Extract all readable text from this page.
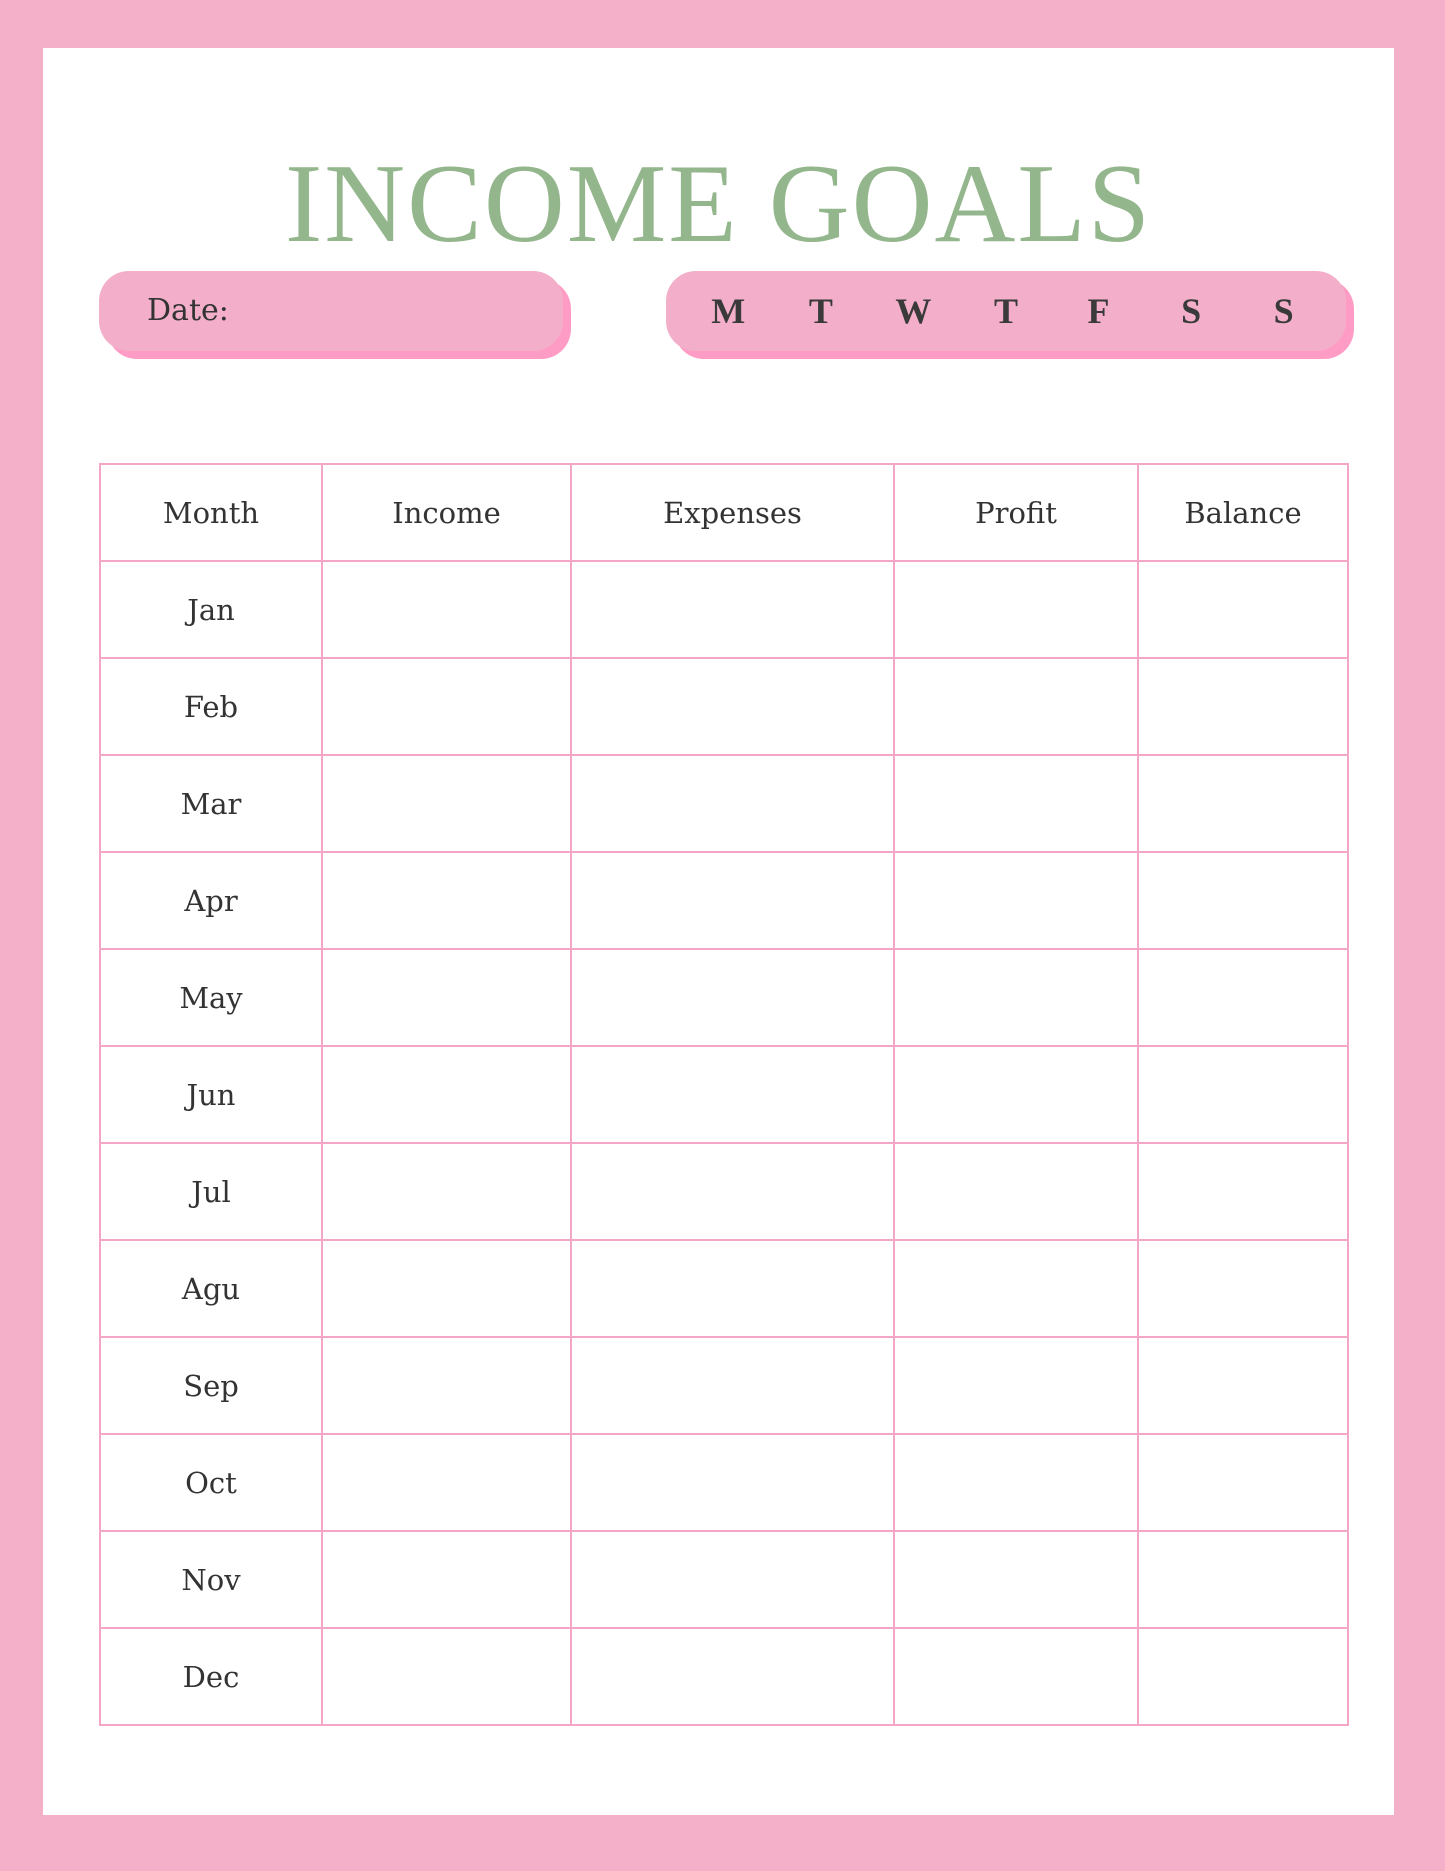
INCOME GOALS
Date:	M	T	W	T	F	S	S
Month	Income	Expenses	Profit	Balance
Jan				
Feb				
Mar				
Apr				
May				
Jun				
Jul				
Agu				
Sep				
Oct				
Nov				
Dec				
